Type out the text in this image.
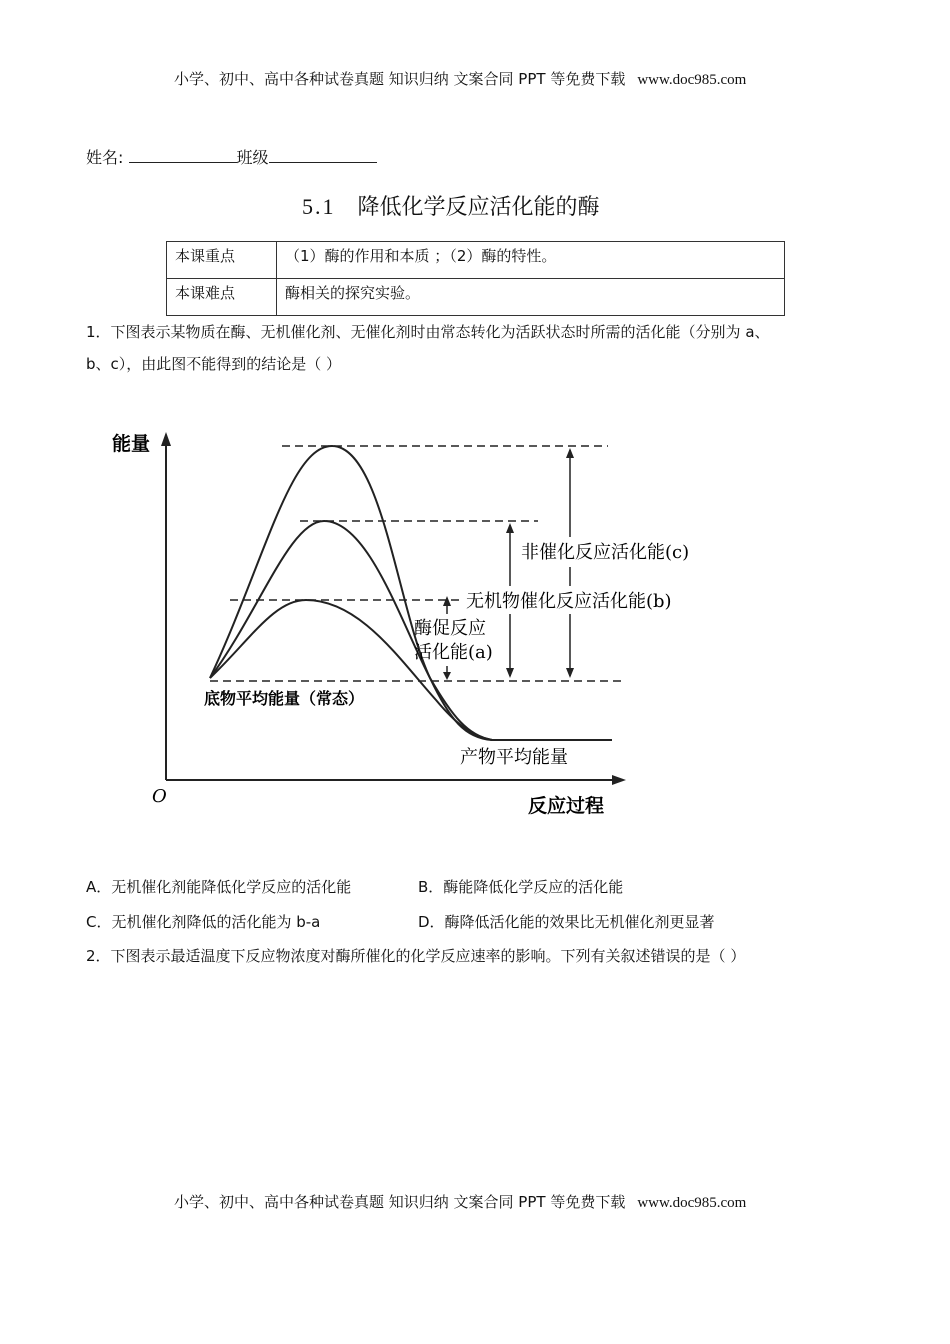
小学、初中、高中各种试卷真题 知识归纳 文案合同 PPT 等免费下载 www.doc985.com
姓名:	班级
5.1 降低化学反应活化能的酶
本课重点	（1）酶的作用和本质 ；（2）酶的特性。
本课难点	酶相关的探究实验。
1．下图表示某物质在酶、无机催化剂、无催化剂时由常态转化为活跃状态时所需的活化能（分别为 a、
b、c），由此图不能得到的结论是（ ）
能量
O	反应过程
非催化反应活化能(c)
无机物催化反应活化能(b)
酶促反应
活化能(a)
底物平均能量（常态）
产物平均能量
A．无机催化剂能降低化学反应的活化能	B．酶能降低化学反应的活化能
C．无机催化剂降低的活化能为 b-a	D．酶降低活化能的效果比无机催化剂更显著
2．下图表示最适温度下反应物浓度对酶所催化的化学反应速率的影响。下列有关叙述错误的是（ ）
小学、初中、高中各种试卷真题 知识归纳 文案合同 PPT 等免费下载 www.doc985.com
